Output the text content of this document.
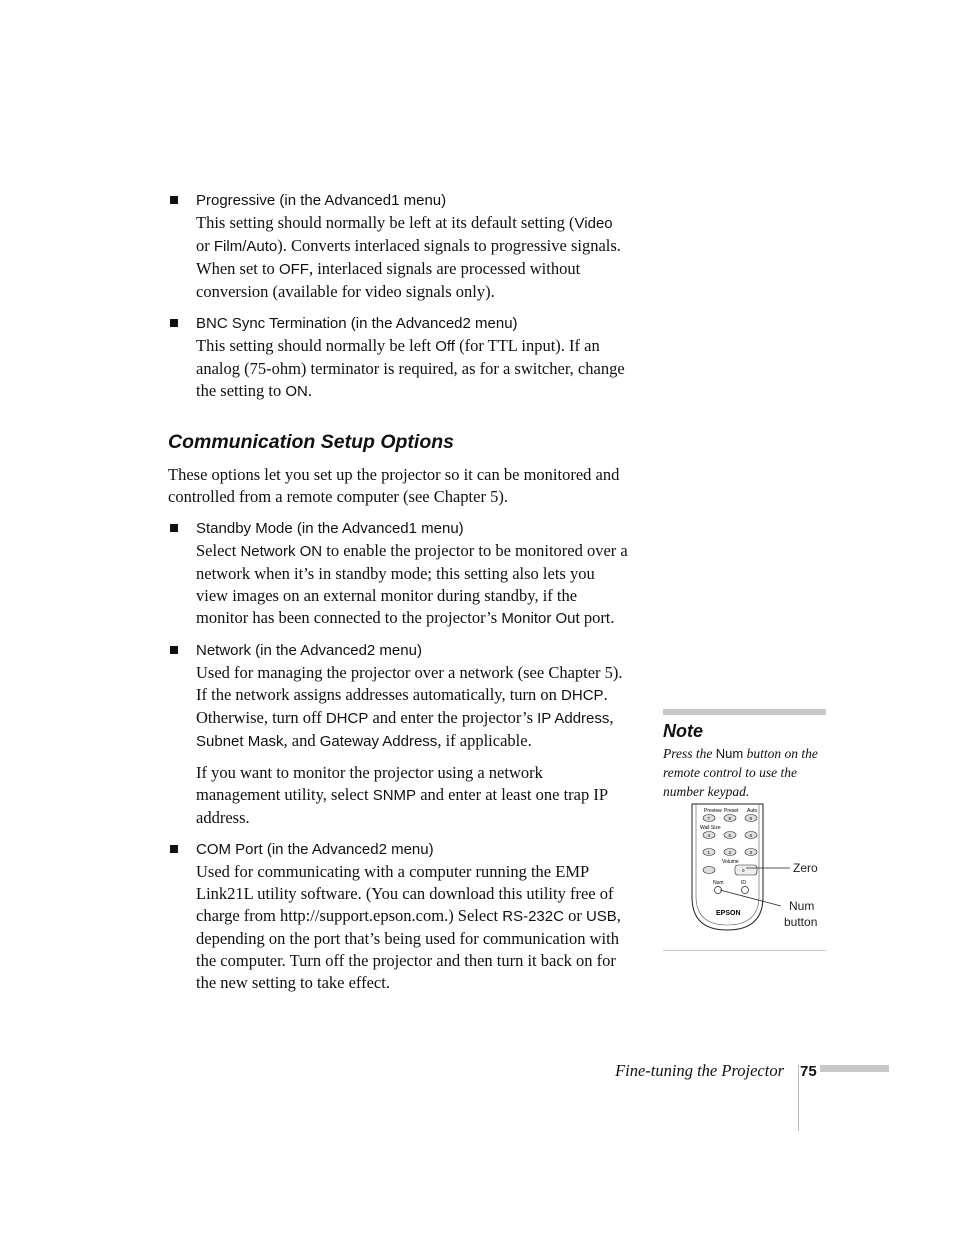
Progressive (in the Advanced1 menu)
This setting should normally be left at its default setting (Video or Film/Auto). Converts interlaced signals to progressive signals. When set to OFF, interlaced signals are processed without conversion (available for video signals only).
BNC Sync Termination (in the Advanced2 menu)
This setting should normally be left Off (for TTL input). If an analog (75-ohm) terminator is required, as for a switcher, change the setting to ON.
Communication Setup Options

These options let you set up the projector so it can be monitored and controlled from a remote computer (see Chapter 5).

Standby Mode (in the Advanced1 menu)
Select Network ON to enable the projector to be monitored over a network when it’s in standby mode; this setting also lets you view images on an external monitor during standby, if the monitor has been connected to the projector’s Monitor Out port.
Network (in the Advanced2 menu)
Used for managing the projector over a network (see Chapter 5). If the network assigns addresses automatically, turn on DHCP. Otherwise, turn off DHCP and enter the projector’s IP Address, Subnet Mask, and Gateway Address, if applicable.
If you want to monitor the projector using a network management utility, select SNMP and enter at least one trap IP address.
COM Port (in the Advanced2 menu)
Used for communicating with a computer running the EMP Link21L utility software. (You can download this utility free of charge from http://support.epson.com.) Select RS-232C or USB, depending on the port that’s being used for communication with the computer. Turn off the projector and then turn it back on for the new setting to take effect.
Note
Press the Num button on the remote control to use the number keypad.
Preview Preset Auto
7	8	9
Wall Size
4	5	6
1	2	3
Volume
0
Num	ID
EPSON
Zero
Num
button
Fine-tuning the Projector 75
